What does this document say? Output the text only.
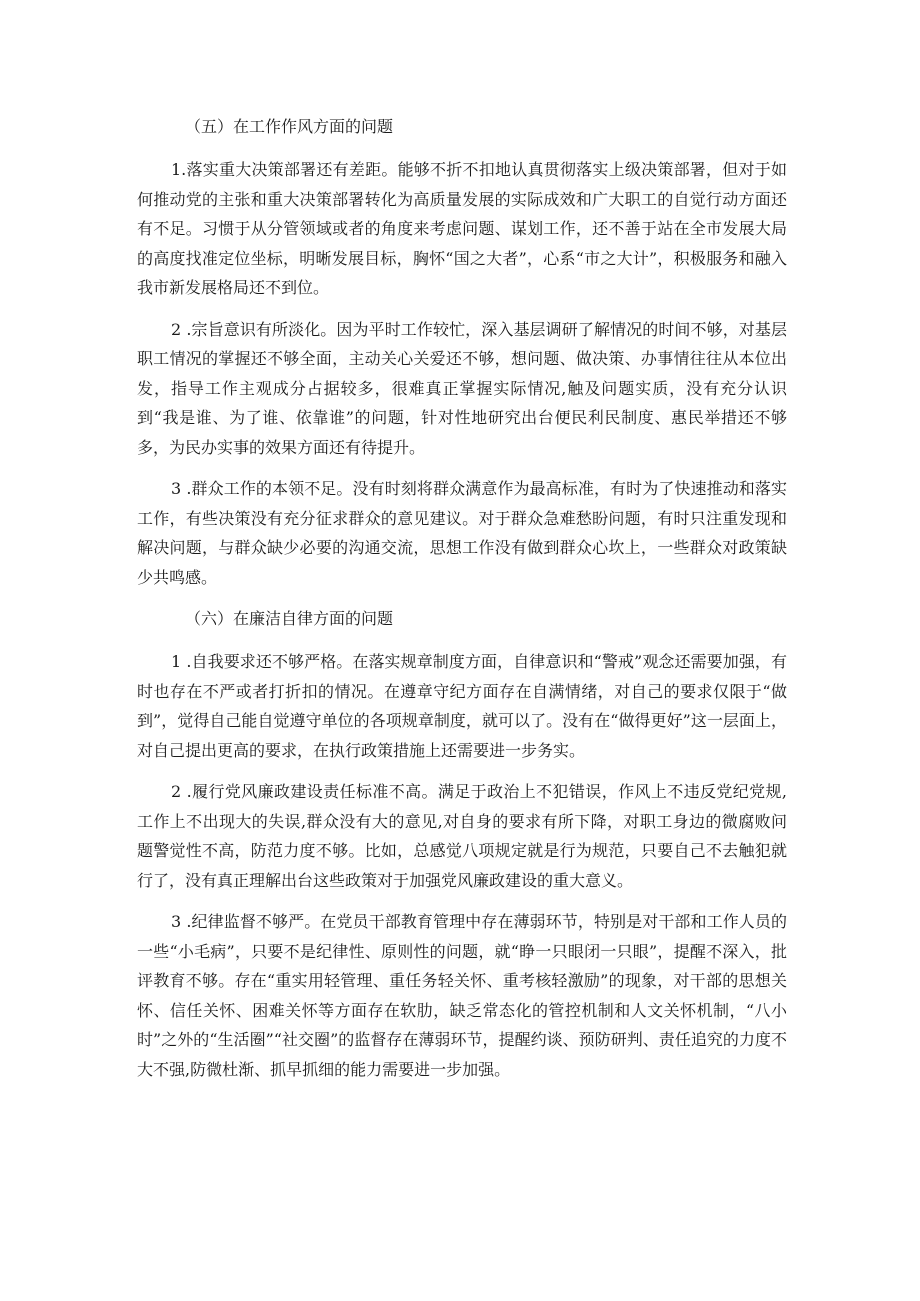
（五）在工作作风方面的问题

1.落实重大决策部署还有差距。能够不折不扣地认真贯彻落实上级决策部署，但对于如何推动党的主张和重大决策部署转化为高质量发展的实际成效和广大职工的自觉行动方面还有不足。习惯于从分管领域或者的角度来考虑问题、谋划工作，还不善于站在全市发展大局的高度找准定位坐标，明晰发展目标，胸怀“国之大者”，心系“市之大计”，积极服务和融入我市新发展格局还不到位。

2 .宗旨意识有所淡化。因为平时工作较忙，深入基层调研了解情况的时间不够，对基层职工情况的掌握还不够全面，主动关心关爱还不够，想问题、做决策、办事情往往从本位出发，指导工作主观成分占据较多，很难真正掌握实际情况,触及问题实质，没有充分认识到“我是谁、为了谁、依靠谁”的问题，针对性地研究出台便民利民制度、惠民举措还不够多，为民办实事的效果方面还有待提升。

3 .群众工作的本领不足。没有时刻将群众满意作为最高标准，有时为了快速推动和落实工作，有些决策没有充分征求群众的意见建议。对于群众急难愁盼问题，有时只注重发现和解决问题，与群众缺少必要的沟通交流，思想工作没有做到群众心坎上，一些群众对政策缺少共鸣感。

（六）在廉洁自律方面的问题

1 .自我要求还不够严格。在落实规章制度方面，自律意识和“警戒”观念还需要加强，有时也存在不严或者打折扣的情况。在遵章守纪方面存在自满情绪，对自己的要求仅限于“做到”，觉得自己能自觉遵守单位的各项规章制度，就可以了。没有在“做得更好”这一层面上，对自己提出更高的要求，在执行政策措施上还需要进一步务实。

2 .履行党风廉政建设责任标准不高。满足于政治上不犯错误，作风上不违反党纪党规,工作上不出现大的失误,群众没有大的意见,对自身的要求有所下降，对职工身边的微腐败问题警觉性不高，防范力度不够。比如，总感觉八项规定就是行为规范，只要自己不去触犯就行了，没有真正理解出台这些政策对于加强党风廉政建设的重大意义。

3 .纪律监督不够严。在党员干部教育管理中存在薄弱环节，特别是对干部和工作人员的一些“小毛病”，只要不是纪律性、原则性的问题，就“睁一只眼闭一只眼”，提醒不深入，批评教育不够。存在“重实用轻管理、重任务轻关怀、重考核轻激励”的现象，对干部的思想关怀、信任关怀、困难关怀等方面存在软肋，缺乏常态化的管控机制和人文关怀机制，“八小时”之外的“生活圈”“社交圈”的监督存在薄弱环节，提醒约谈、预防研判、责任追究的力度不大不强,防微杜渐、抓早抓细的能力需要进一步加强。
